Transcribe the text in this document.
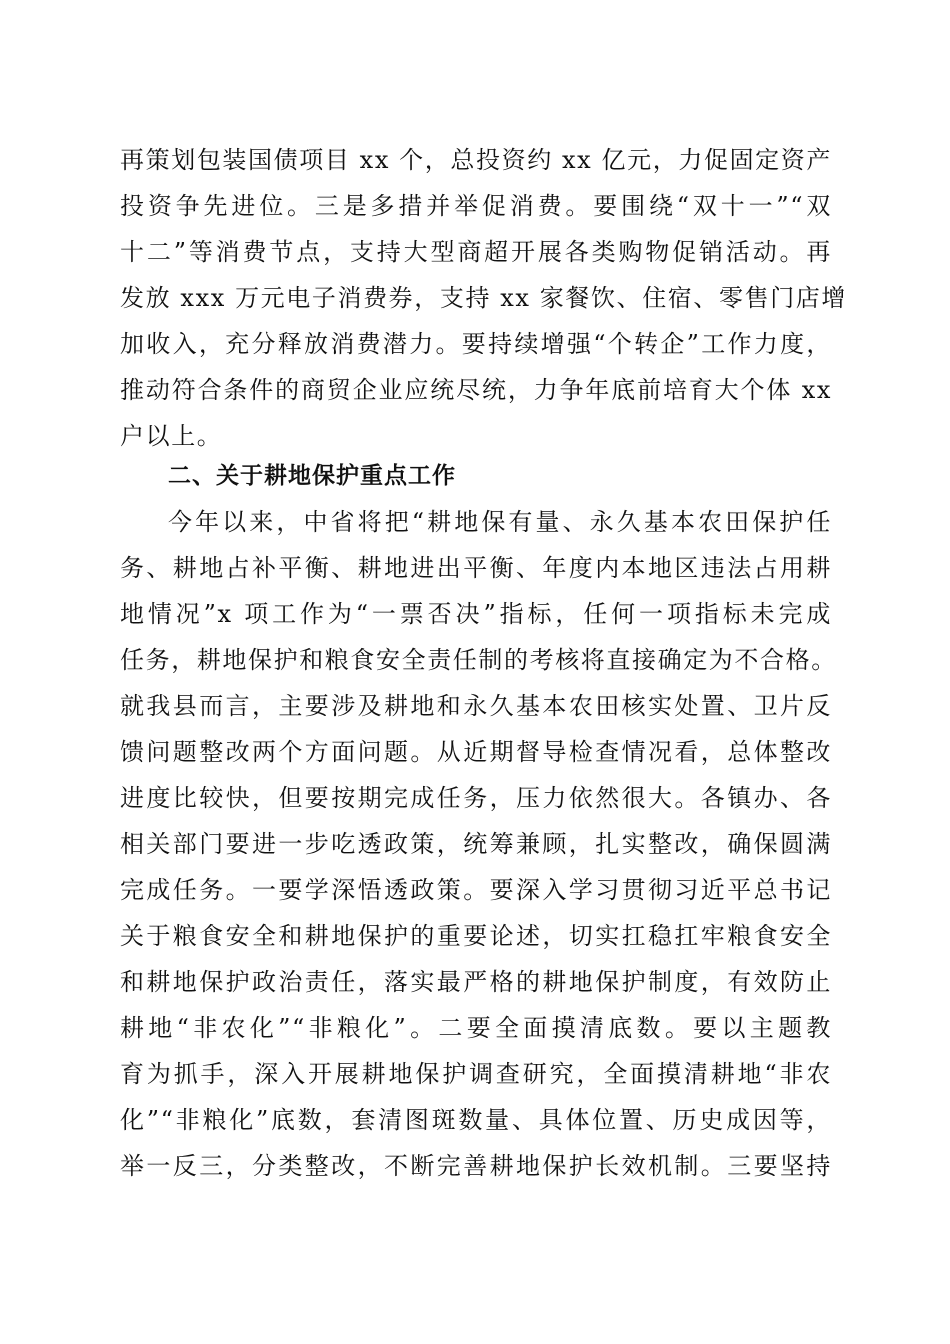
再策划包装国债项目 xx 个，总投资约 xx 亿元，力促固定资产
投资争先进位。三是多措并举促消费。要围绕“双十一”“双
十二”等消费节点，支持大型商超开展各类购物促销活动。再
发放 xxx 万元电子消费券，支持 xx 家餐饮、住宿、零售门店增
加收入，充分释放消费潜力。要持续增强“个转企”工作力度，
推动符合条件的商贸企业应统尽统，力争年底前培育大个体 xx
户以上。
二、关于耕地保护重点工作
今年以来，中省将把“耕地保有量、永久基本农田保护任
务、耕地占补平衡、耕地进出平衡、年度内本地区违法占用耕
地情况”x 项工作为“一票否决”指标，任何一项指标未完成
任务，耕地保护和粮食安全责任制的考核将直接确定为不合格。
就我县而言，主要涉及耕地和永久基本农田核实处置、卫片反
馈问题整改两个方面问题。从近期督导检查情况看，总体整改
进度比较快，但要按期完成任务，压力依然很大。各镇办、各
相关部门要进一步吃透政策，统筹兼顾，扎实整改，确保圆满
完成任务。一要学深悟透政策。要深入学习贯彻习近平总书记
关于粮食安全和耕地保护的重要论述，切实扛稳扛牢粮食安全
和耕地保护政治责任，落实最严格的耕地保护制度，有效防止
耕地“非农化”“非粮化”。二要全面摸清底数。要以主题教
育为抓手，深入开展耕地保护调查研究，全面摸清耕地“非农
化”“非粮化”底数，套清图斑数量、具体位置、历史成因等，
举一反三，分类整改，不断完善耕地保护长效机制。三要坚持
